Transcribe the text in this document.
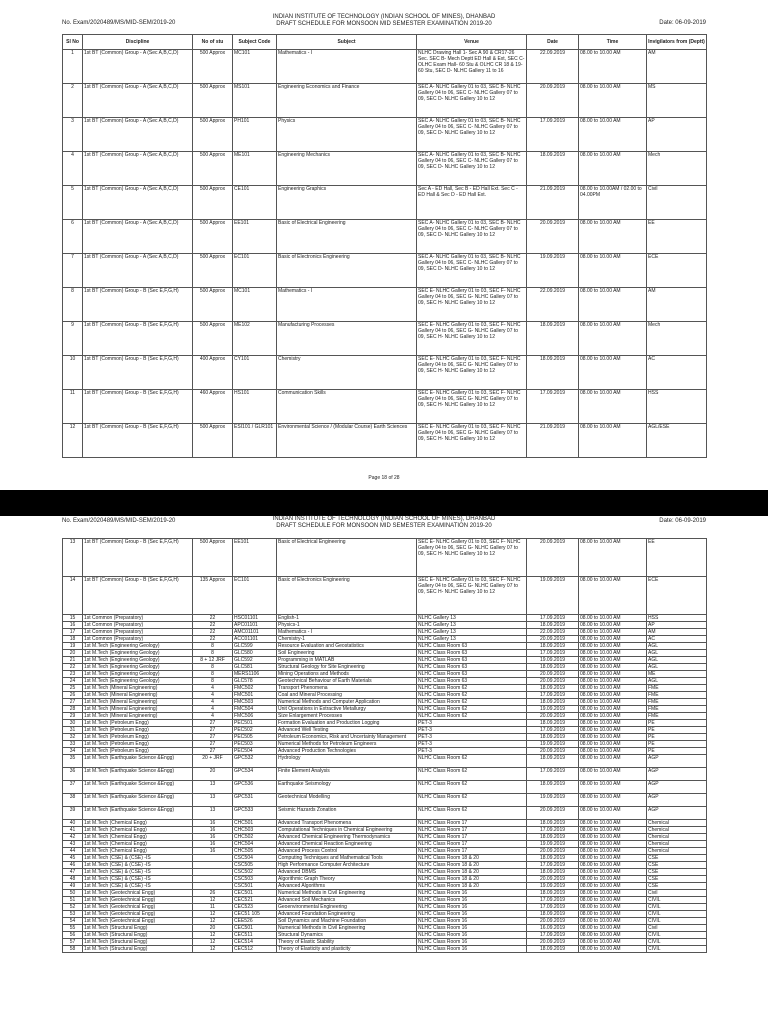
No. Exam/2020489/MS/MID-SEM/2019-20
INDIAN INSTITUTE OF TECHNOLOGY (INDIAN SCHOOL OF MINES), DHANBAD
DRAFT SCHEDULE FOR MONSOON MID SEMESTER EXAMINATION 2019-20	Date: 06-09-2019
Sl No	Discipline	No of stu	Subject Code	Subject	Venue	Date	Time	Invigilators from (Deptt)
1	1st BT (Common) Group - A (Sec A,B,C,D)	500 Approx	MC101	Mathematics - I	NLHC Drawing Hall 1- Sec A 90 & CR17-26 Sec. SEC B- Mech Deptt ED Hall & Ext, SEC C-OLHC Exam Hall- 60 Stu & OLHC CR 18 & 19- 60 Stu, SEC D- NLHC Gallery 11 to 16	22.09.2019	08.00 to 10.00 AM	AM
2	1st BT (Common) Group - A (Sec A,B,C,D)	500 Approx	MS101	Engineering Economics and Finance	SEC A- NLHC Gallery 01 to 03, SEC B- NLHC Gallery 04 to 06, SEC C- NLHC Gallery 07 to 09, SEC D- NLHC Gallery 10 to 12	20.09.2019	08.00 to 10.00 AM	MS
3	1st BT (Common) Group - A (Sec A,B,C,D)	500 Approx	PH101	Physics	SEC A- NLHC Gallery 01 to 03, SEC B- NLHC Gallery 04 to 06, SEC C- NLHC Gallery 07 to 09, SEC D- NLHC Gallery 10 to 12	17.09.2019	08.00 to 10.00 AM	AP
4	1st BT (Common) Group - A (Sec A,B,C,D)	500 Approx	ME101	Engineering Mechanics	SEC A- NLHC Gallery 01 to 03, SEC B- NLHC Gallery 04 to 06, SEC C- NLHC Gallery 07 to 09, SEC D- NLHC Gallery 10 to 12	18.09.2019	08.00 to 10.00 AM	Mech
5	1st BT (Common) Group - A (Sec A,B,C,D)	500 Approx	CE101	Engineering Graphics	Sec A - ED Hall, Sec B - ED Hall Ext. Sec C - ED Hall & Sec D - ED Hall Ext.	21.09.2019	08.00 to 10.00AM / 02.00 to 04.00PM	Civil
6	1st BT (Common) Group - A (Sec A,B,C,D)	500 Approx	EE101	Basic of Electrical Engineering	SEC A- NLHC Gallery 01 to 03, SEC B- NLHC Gallery 04 to 06, SEC C- NLHC Gallery 07 to 09, SEC D- NLHC Gallery 10 to 12	20.09.2019	08.00 to 10.00 AM	EE
7	1st BT (Common) Group - A (Sec A,B,C,D)	500 Approx	EC101	Basic of Electronics Engineering	SEC A- NLHC Gallery 01 to 03, SEC B- NLHC Gallery 04 to 06, SEC C- NLHC Gallery 07 to 09, SEC D- NLHC Gallery 10 to 12	19.09.2019	08.00 to 10.00 AM	ECE
8	1st BT (Common) Group - B (Sec E,F,G,H)	500 Approx	MC101	Mathematics - I	SEC E- NLHC Gallery 01 to 03, SEC F- NLHC Gallery 04 to 06, SEC G- NLHC Gallery 07 to 09, SEC H- NLHC Gallery 10 to 12	22.09.2019	08.00 to 10.00 AM	AM
9	1st BT (Common) Group - B (Sec E,F,G,H)	500 Approx	ME102	Manufacturing Processes	SEC E- NLHC Gallery 01 to 03, SEC F- NLHC Gallery 04 to 06, SEC G- NLHC Gallery 07 to 09, SEC H- NLHC Gallery 10 to 12	18.09.2019	08.00 to 10.00 AM	Mech
10	1st BT (Common) Group - B (Sec E,F,G,H)	400 Approx	CY101	Chemistry	SEC E- NLHC Gallery 01 to 03, SEC F- NLHC Gallery 04 to 06, SEC G- NLHC Gallery 07 to 09, SEC H- NLHC Gallery 10 to 12	18.09.2019	08.00 to 10.00 AM	AC
11	1st BT (Common) Group - B (Sec E,F,G,H)	460 Approx	HS101	Communication Skills	SEC E- NLHC Gallery 01 to 03, SEC F- NLHC Gallery 04 to 06, SEC G- NLHC Gallery 07 to 09, SEC H- NLHC Gallery 10 to 12	17.09.2019	08.00 to 10.00 AM	HSS
12	1st BT (Common) Group - B (Sec E,F,G,H)	500 Approx	ESI101 / GLR101	Environmental Science / (Modular Course) Earth Sciences	SEC E- NLHC Gallery 01 to 03, SEC F- NLHC Gallery 04 to 06, SEC G- NLHC Gallery 07 to 09, SEC H- NLHC Gallery 10 to 12	21.09.2019	08.00 to 10.00 AM	AGL/ESE
Page 18 of 28
No. Exam/2020489/MS/MID-SEM/2019-20	INDIAN INSTITUTE OF TECHNOLOGY (INDIAN SCHOOL OF MINES), DHANBAD
DRAFT SCHEDULE FOR MONSOON MID SEMESTER EXAMINATION 2019-20
Date: 06-09-2019
13	1st BT (Common) Group - B (Sec E,F,G,H)	500 Approx	EE101	Basic of Electrical Engineering	SEC E- NLHC Gallery 01 to 03, SEC F- NLHC Gallery 04 to 06, SEC G- NLHC Gallery 07 to 09, SEC H- NLHC Gallery 10 to 12	20.09.2019	08.00 to 10.00 AM	EE
14	1st BT (Common) Group - B (Sec E,F,G,H)	135 Approx	EC101	Basic of Electronics Engineering	SEC E- NLHC Gallery 01 to 03, SEC F- NLHC Gallery 04 to 06, SEC G- NLHC Gallery 07 to 09, SEC H- NLHC Gallery 10 to 12	19.09.2019	08.00 to 10.00 AM	ECE
15	1st Common (Preparatory)	22	HSC01101	English-1	NLHC Gallery 13	17.09.2019	08.00 to 10.00 AM	HSS
16	1st Common (Preparatory)	22	APC01101	Physics-1	NLHC Gallery 13	18.09.2019	08.00 to 10.00 AM	AP
17	1st Common (Preparatory)	22	AMC01101	Mathematics - I	NLHC Gallery 13	22.09.2019	08.00 to 10.00 AM	AM
18	1st Common (Preparatory)	22	ACC01101	Chemistry-1	NLHC Gallery 13	20.09.2019	08.00 to 10.00 AM	AC
19	1st M.Tech (Engineering Geology)	8	GLC599	Resource Evaluation and Geostatistics	NLHC Class Room 63	18.09.2019	08.00 to 10.00 AM	AGL
20	1st M.Tech (Engineering Geology)	8	GLC580	Soil Engineering	NLHC Class Room 63	17.09.2019	08.00 to 10.00 AM	AGL
21	1st M.Tech (Engineering Geology)	8 + 12 JRF	GLC592	Programming in MATLAB	NLHC Class Room 63	19.09.2019	08.00 to 10.00 AM	AGL
22	1st M.Tech (Engineering Geology)	8	GLC581	Structural Geology for Site Engineering	NLHC Class Room 63	18.09.2019	08.00 to 10.00 AM	AGL
23	1st M.Tech (Engineering Geology)	8	MERS1106	Mining Operations and Methods	NLHC Class Room 63	20.09.2019	08.00 to 10.00 AM	ME
24	1st M.Tech (Engineering Geology)	8	GLC578	Geotechnical Behaviour of Earth Materials	NLHC Class Room 63	20.09.2019	08.00 to 10.00 AM	AGL
25	1st M.Tech (Mineral Engineering)	4	FMC502	Transport Phenomena	NLHC Class Room 62	18.09.2019	08.00 to 10.00 AM	FME
26	1st M.Tech (Mineral Engineering)	4	FMC501	Coal and Mineral Processing	NLHC Class Room 62	17.09.2019	08.00 to 10.00 AM	FME
27	1st M.Tech (Mineral Engineering)	4	FMC503	Numerical Methods and Computer Application	NLHC Class Room 62	18.09.2019	08.00 to 10.00 AM	FME
28	1st M.Tech (Mineral Engineering)	4	FMC504	Unit Operations in Extractive Metallurgy	NLHC Class Room 62	19.09.2019	08.00 to 10.00 AM	FME
29	1st M.Tech (Mineral Engineering)	4	FMC506	Size Enlargement Processes	NLHC Class Room 62	20.09.2019	08.00 to 10.00 AM	FME
30	1st M.Tech (Petroleum Engg)	27	PEC501	Formation Evaluation and Production Logging	PET-3	18.09.2019	08.00 to 10.00 AM	PE
31	1st M.Tech (Petroleum Engg)	27	PEC502	Advanced Well Testing	PET-3	17.09.2019	08.00 to 10.00 AM	PE
32	1st M.Tech (Petroleum Engg)	27	PEC505	Petroleum Economics, Risk and Uncertainty Management	PET-3	18.09.2019	08.00 to 10.00 AM	PE
33	1st M.Tech (Petroleum Engg)	27	PEC503	Numerical Methods for Petroleum Engineers	PET-3	19.09.2019	08.00 to 10.00 AM	PE
34	1st M.Tech (Petroleum Engg)	27	PEC504	Advanced Production Technologies	PET-3	20.09.2019	08.00 to 10.00 AM	PE
35	1st M.Tech (Earthquake Science &Engg)	20 + JRF	GPC532	Hydrology	NLHC Class Room 62	18.09.2019	08.00 to 10.00 AM	AGP
36	1st M.Tech (Earthquake Science &Engg)	20	GPC534	Finite Element Analysis	NLHC Class Room 62	17.09.2019	08.00 to 10.00 AM	AGP
37	1st M.Tech (Earthquake Science &Engg)	13	GPC536	Earthquake Seismology	NLHC Class Room 62	18.09.2019	08.00 to 10.00 AM	AGP
38	1st M.Tech (Earthquake Science &Engg)	13	GPC531	Geotechnical Modelling	NLHC Class Room 62	19.09.2019	08.00 to 10.00 AM	AGP
39	1st M.Tech (Earthquake Science &Engg)	13	GPC533	Seismic Hazards Zonation	NLHC Class Room 62	20.09.2019	08.00 to 10.00 AM	AGP
40	1st M.Tech (Chemical Engg)	16	CHC501	Advanced Transport Phenomena	NLHC Class Room 17	18.09.2019	08.00 to 10.00 AM	Chemical
41	1st M.Tech (Chemical Engg)	16	CHC503	Computational Techniques in Chemical Engineering	NLHC Class Room 17	17.09.2019	08.00 to 10.00 AM	Chemical
42	1st M.Tech (Chemical Engg)	16	CHC502	Advanced Chemical Engineering Thermodynamics	NLHC Class Room 17	18.09.2019	08.00 to 10.00 AM	Chemical
43	1st M.Tech (Chemical Engg)	16	CHC504	Advanced Chemical Reaction Engineering	NLHC Class Room 17	19.09.2019	08.00 to 10.00 AM	Chemical
44	1st M.Tech (Chemical Engg)	16	CHC505	Advanced Process Control	NLHC Class Room 17	20.09.2019	08.00 to 10.00 AM	Chemical
45	1st M.Tech (CSE) & (CSE) -IS		CSC504	Computing Techniques and Mathematical Tools	NLHC Class Room 18 & 20	18.09.2019	08.00 to 10.00 AM	CSE
46	1st M.Tech (CSE) & (CSE) -IS		CSC505	High Performance Computer Architecture	NLHC Class Room 18 & 20	17.09.2019	08.00 to 10.00 AM	CSE
47	1st M.Tech (CSE) & (CSE) -IS		CSC502	Advanced DBMS	NLHC Class Room 18 & 20	18.09.2019	08.00 to 10.00 AM	CSE
48	1st M.Tech (CSE) & (CSE) -IS		CSC503	Algorithmic Graph Theory	NLHC Class Room 18 & 20	20.09.2019	08.00 to 10.00 AM	CSE
49	1st M.Tech (CSE) & (CSE) -IS		CSC501	Advanced Algorithms	NLHC Class Room 18 & 20	19.09.2019	08.00 to 10.00 AM	CSE
50	1st M.Tech (Geotechnical Engg)	26	CEC501	Numerical Methods in Civil Engineering	NLHC Class Room 16	18.09.2019	08.00 to 10.00 AM	Civil
51	1st M.Tech (Geotechnical Engg)	12	CEC521	Advanced Soil Mechanics	NLHC Class Room 16	17.09.2019	08.00 to 10.00 AM	CIVIL
52	1st M.Tech (Geotechnical Engg)	11	CEC523	Geoenvironmental Engineering	NLHC Class Room 16	17.09.2019	08.00 to 10.00 AM	CIVIL
53	1st M.Tech (Geotechnical Engg)	12	CEC51 105	Advanced Foundation Engineering	NLHC Class Room 16	18.09.2019	08.00 to 10.00 AM	CIVIL
54	1st M.Tech (Geotechnical Engg)	12	CEE526	Soil Dynamics and Machine Foundation	NLHC Class Room 16	20.09.2019	08.00 to 10.00 AM	CIVIL
55	1st M.Tech (Structural Engg)	20	CEC501	Numerical Methods in Civil Engineering	NLHC Class Room 16	16.09.2019	08.00 to 10.00 AM	Civil
56	1st M.Tech (Structural Engg)	12	CEC511	Structural Dynamics	NLHC Class Room 16	17.09.2019	08.00 to 10.00 AM	CIVIL
57	1st M.Tech (Structural Engg)	12	CEC514	Theory of Elastic Stability	NLHC Class Room 16	20.09.2019	08.00 to 10.00 AM	CIVIL
58	1st M.Tech (Structural Engg)	12	CEC512	Theory of Elasticity and plasticity	NLHC Class Room 16	18.09.2019	08.00 to 10.00 AM	CIVIL
